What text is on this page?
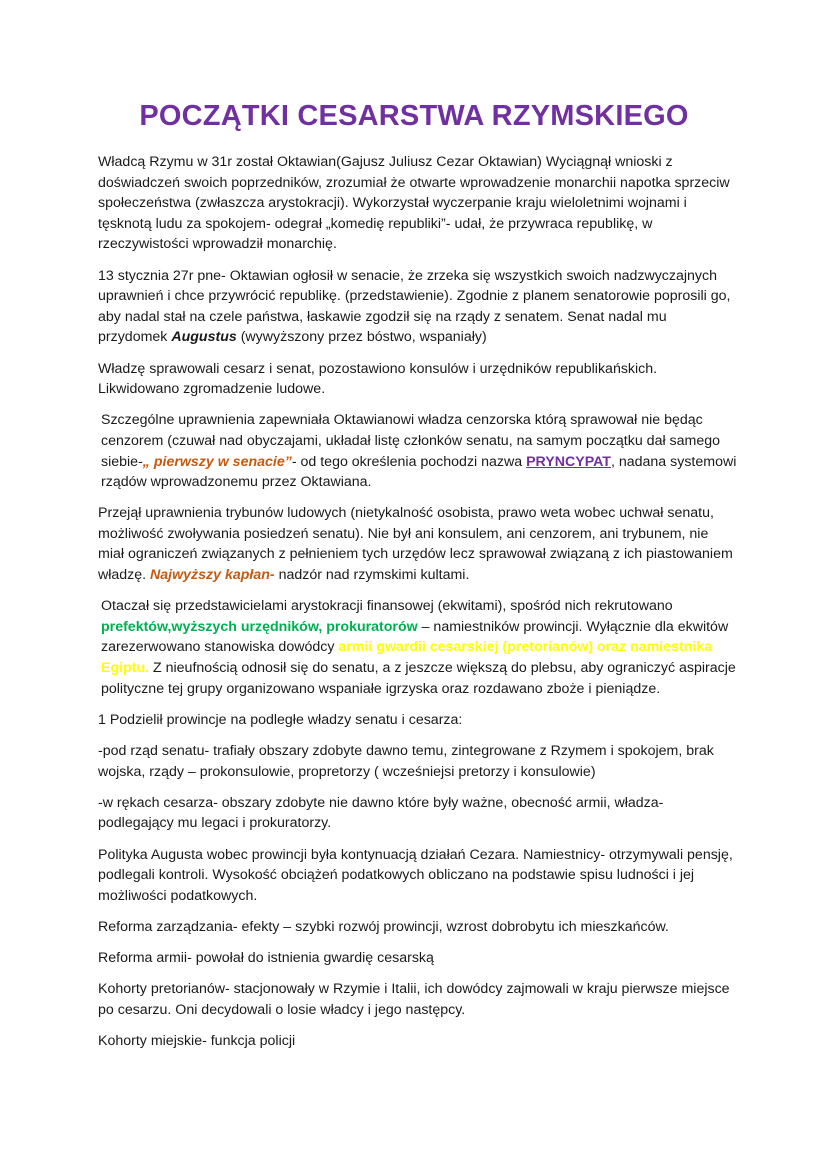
POCZĄTKI CESARSTWA RZYMSKIEGO

Władcą Rzymu w 31r został Oktawian(Gajusz Juliusz Cezar Oktawian) Wyciągnął wnioski z doświadczeń swoich poprzedników, zrozumiał że otwarte wprowadzenie monarchii napotka sprzeciw społeczeństwa (zwłaszcza arystokracji). Wykorzystał wyczerpanie kraju wieloletnimi wojnami i tęsknotą ludu za spokojem- odegrał „komedię republiki”- udał, że przywraca republikę, w rzeczywistości wprowadził monarchię.

13 stycznia 27r pne- Oktawian ogłosił w senacie, że zrzeka się wszystkich swoich nadzwyczajnych uprawnień i chce przywrócić republikę. (przedstawienie). Zgodnie z planem senatorowie poprosili go, aby nadal stał na czele państwa, łaskawie zgodził się na rządy z senatem. Senat nadal mu przydomek Augustus (wywyższony przez bóstwo, wspaniały)

Władzę sprawowali cesarz i senat, pozostawiono konsulów i urzędników republikańskich. Likwidowano zgromadzenie ludowe.

Szczególne uprawnienia zapewniała Oktawianowi władza cenzorska którą sprawował nie będąc cenzorem (czuwał nad obyczajami, układał listę członków senatu, na samym początku dał samego siebie-„ pierwszy w senacie”- od tego określenia pochodzi nazwa PRYNCYPAT, nadana systemowi rządów wprowadzonemu przez Oktawiana.

Przejął uprawnienia trybunów ludowych (nietykalność osobista, prawo weta wobec uchwał senatu, możliwość zwoływania posiedzeń senatu). Nie był ani konsulem, ani cenzorem, ani trybunem, nie miał ograniczeń związanych z pełnieniem tych urzędów lecz sprawował związaną z ich piastowaniem władzę. Najwyższy kapłan- nadzór nad rzymskimi kultami.

Otaczał się przedstawicielami arystokracji finansowej (ekwitami), spośród nich rekrutowano prefektów,wyższych urzędników, prokuratorów – namiestników prowincji. Wyłącznie dla ekwitów zarezerwowano stanowiska dowódcy armii gwardii cesarskiej (pretorianów) oraz namiestnika Egiptu. Z nieufnością odnosił się do senatu, a z jeszcze większą do plebsu, aby ograniczyć aspiracje polityczne tej grupy organizowano wspaniałe igrzyska oraz rozdawano zboże i pieniądze.

1 Podzielił prowincje na podległe władzy senatu i cesarza:

-pod rząd senatu- trafiały obszary zdobyte dawno temu, zintegrowane z Rzymem i spokojem, brak wojska, rządy – prokonsulowie, propretorzy ( wcześniejsi pretorzy i konsulowie)

-w rękach cesarza- obszary zdobyte nie dawno które były ważne, obecność armii, władza- podlegający mu legaci i prokuratorzy.

Polityka Augusta wobec prowincji była kontynuacją działań Cezara. Namiestnicy- otrzymywali pensję, podlegali kontroli. Wysokość obciążeń podatkowych obliczano na podstawie spisu ludności i jej możliwości podatkowych.

Reforma zarządzania- efekty – szybki rozwój prowincji, wzrost dobrobytu ich mieszkańców.

Reforma armii- powołał do istnienia gwardię cesarską

Kohorty pretorianów- stacjonowały w Rzymie i Italii, ich dowódcy zajmowali w kraju pierwsze miejsce po cesarzu. Oni decydowali o losie władcy i jego następcy.

Kohorty miejskie- funkcja policji
